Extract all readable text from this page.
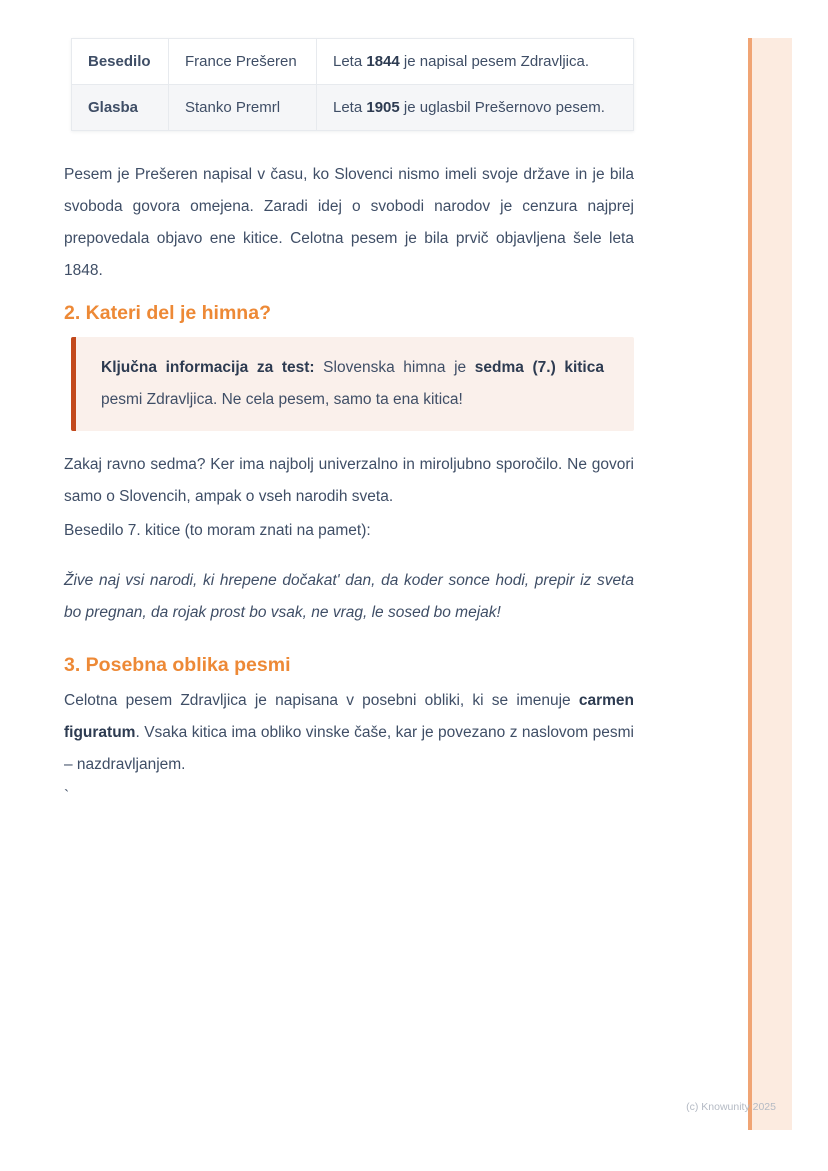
Besedilo	France Prešeren	Leta 1844 je napisal pesem Zdravljica.
Glasba	Stanko Premrl	Leta 1905 je uglasbil Prešernovo pesem.

Pesem je Prešeren napisal v času, ko Slovenci nismo imeli svoje države in je bila svoboda govora omejena. Zaradi idej o svobodi narodov je cenzura najprej prepovedala objavo ene kitice. Celotna pesem je bila prvič objavljena šele leta 1848.

2. Kateri del je himna?

Ključna informacija za test: Slovenska himna je sedma (7.) kitica pesmi Zdravljica. Ne cela pesem, samo ta ena kitica!

Zakaj ravno sedma? Ker ima najbolj univerzalno in miroljubno sporočilo. Ne govori samo o Slovencih, ampak o vseh narodih sveta.

Besedilo 7. kitice (to moram znati na pamet):

Žive naj vsi narodi, ki hrepene dočakat' dan, da koder sonce hodi, prepir iz sveta bo pregnan, da rojak prost bo vsak, ne vrag, le sosed bo mejak!

3. Posebna oblika pesmi

Celotna pesem Zdravljica je napisana v posebni obliki, ki se imenuje carmen figuratum. Vsaka kitica ima obliko vinske čaše, kar je povezano z naslovom pesmi – nazdravljanjem.

`

(c) Knowunity 2025
